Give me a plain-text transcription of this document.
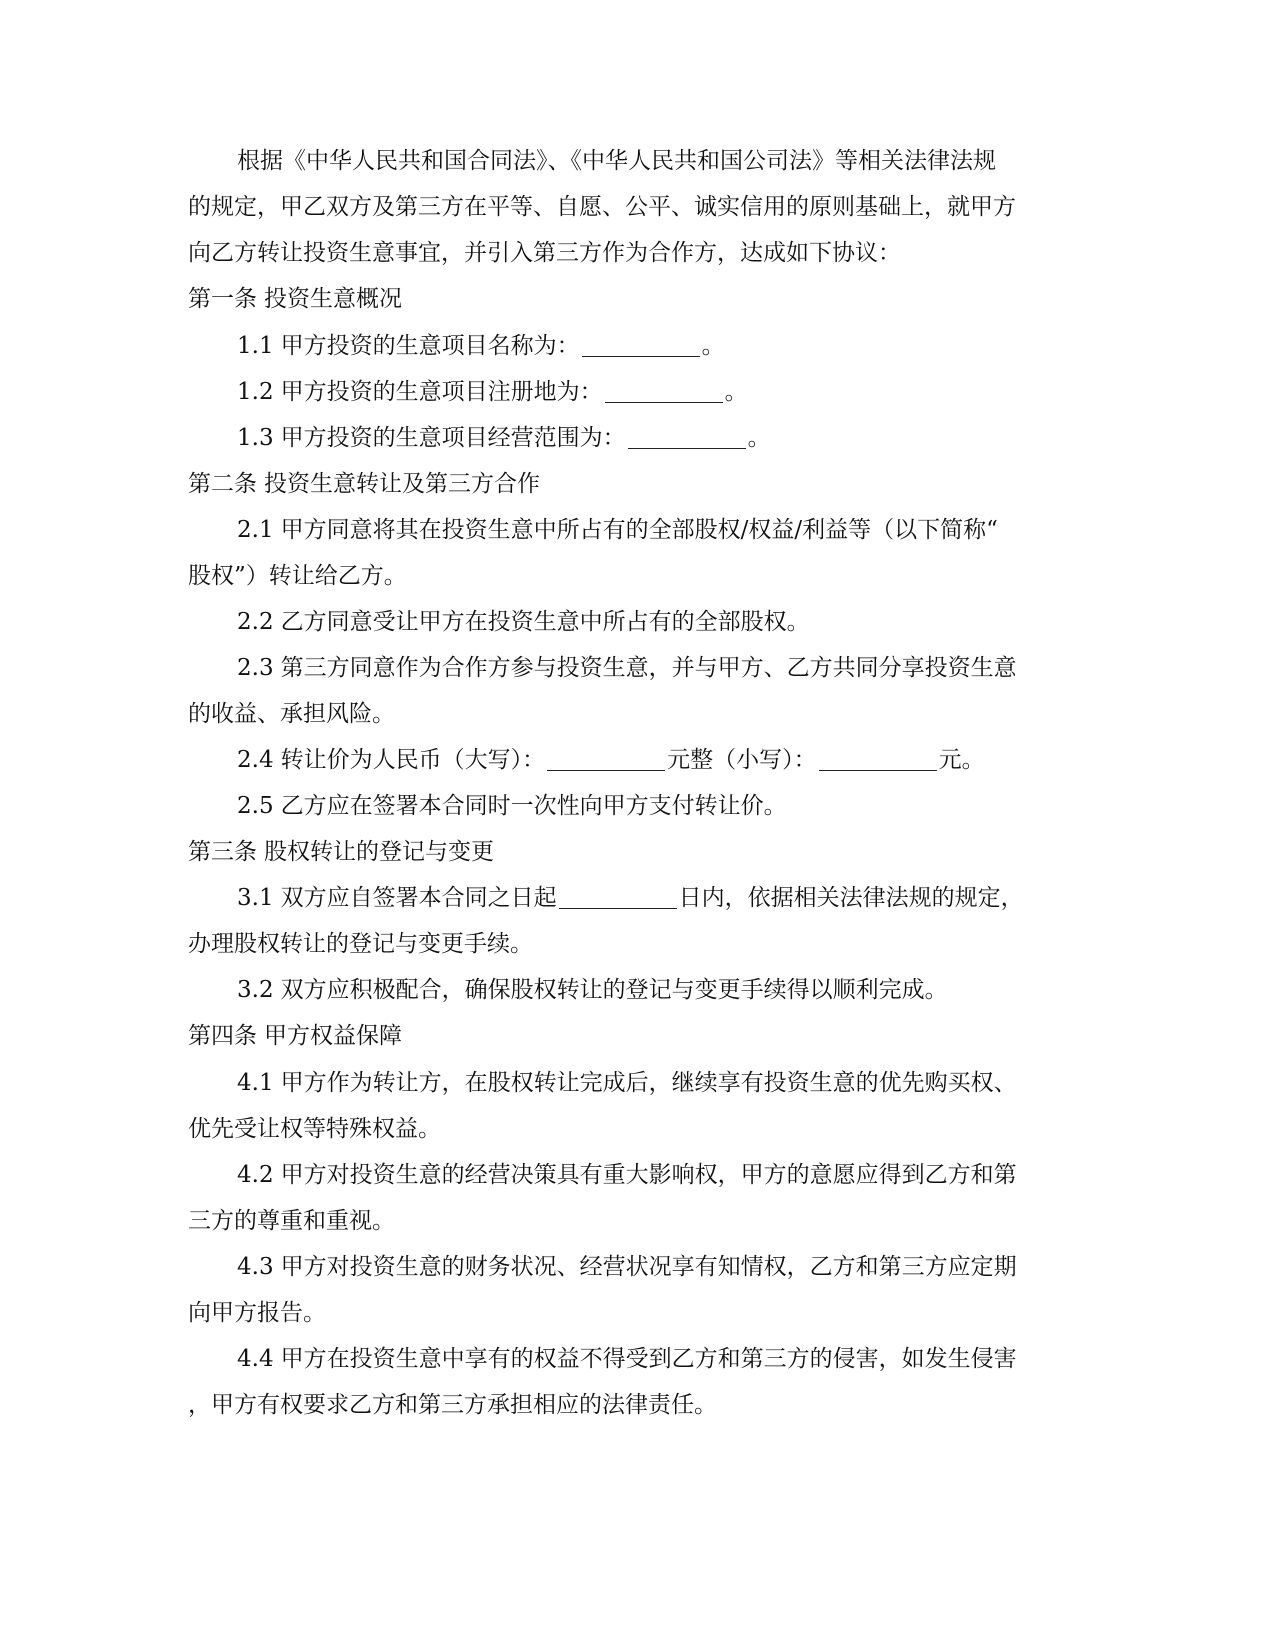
根据《中华人民共和国合同法》、《中华人民共和国公司法》等相关法律法规
的规定，甲乙双方及第三方在平等、自愿、公平、诚实信用的原则基础上，就甲方
向乙方转让投资生意事宜，并引入第三方作为合作方，达成如下协议：
第一条 投资生意概况
1.1 甲方投资的生意项目名称为：	。
1.2 甲方投资的生意项目注册地为：	。
1.3 甲方投资的生意项目经营范围为：	。
第二条 投资生意转让及第三方合作
2.1 甲方同意将其在投资生意中所占有的全部股权/权益/利益等（以下简称“
股权”）转让给乙方。
2.2 乙方同意受让甲方在投资生意中所占有的全部股权。
2.3 第三方同意作为合作方参与投资生意，并与甲方、乙方共同分享投资生意
的收益、承担风险。
2.4 转让价为人民币（大写）：	元整（小写）：	元。
2.5 乙方应在签署本合同时一次性向甲方支付转让价。
第三条 股权转让的登记与变更
3.1 双方应自签署本合同之日起	日内，依据相关法律法规的规定，
办理股权转让的登记与变更手续。
3.2 双方应积极配合，确保股权转让的登记与变更手续得以顺利完成。
第四条 甲方权益保障
4.1 甲方作为转让方，在股权转让完成后，继续享有投资生意的优先购买权、
优先受让权等特殊权益。
4.2 甲方对投资生意的经营决策具有重大影响权，甲方的意愿应得到乙方和第
三方的尊重和重视。
4.3 甲方对投资生意的财务状况、经营状况享有知情权，乙方和第三方应定期
向甲方报告。
4.4 甲方在投资生意中享有的权益不得受到乙方和第三方的侵害，如发生侵害
，甲方有权要求乙方和第三方承担相应的法律责任。
